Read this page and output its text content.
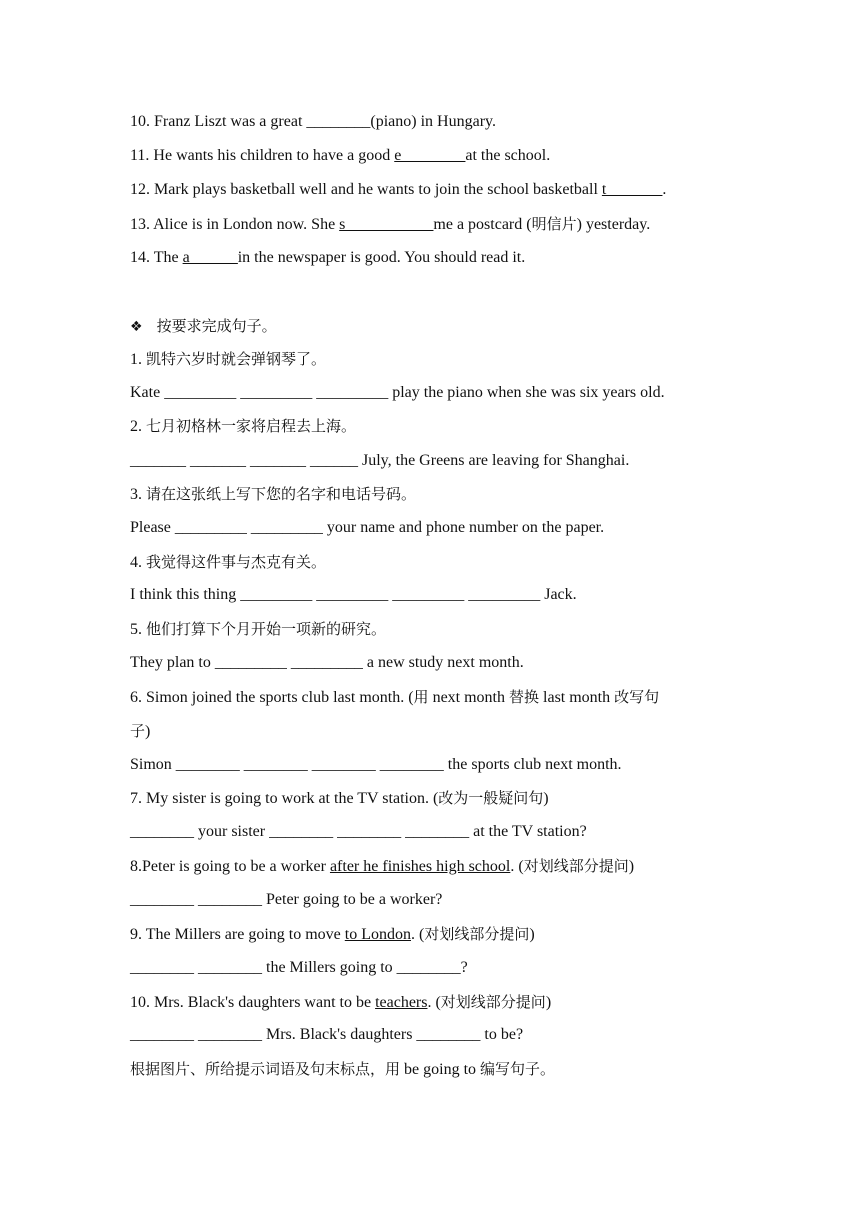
10. Franz Liszt was a great ________(piano) in Hungary.
11. He wants his children to have a good e________at the school.
12. Mark plays basketball well and he wants to join the school basketball t_______.
13. Alice is in London now. She s___________me a postcard (明信片) yesterday.
14. The a______in the newspaper is good. You should read it.
❖ 按要求完成句子。
1. 凯特六岁时就会弹钢琴了。
Kate _________ _________ _________ play the piano when she was six years old.
2. 七月初格林一家将启程去上海。
_______ _______ _______ ______ July, the Greens are leaving for Shanghai.
3. 请在这张纸上写下您的名字和电话号码。
Please _________ _________ your name and phone number on the paper.
4. 我觉得这件事与杰克有关。
I think this thing _________ _________ _________ _________ Jack.
5. 他们打算下个月开始一项新的研究。
They plan to _________ _________ a new study next month.
6. Simon joined the sports club last month. (用 next month 替换 last month 改写句
子)
Simon ________ ________ ________ ________ the sports club next month.
7. My sister is going to work at the TV station. (改为一般疑问句)
________ your sister ________ ________ ________ at the TV station?
8.Peter is going to be a worker after he finishes high school. (对划线部分提问)
________ ________ Peter going to be a worker?
9. The Millers are going to move to London. (对划线部分提问)
________ ________ the Millers going to ________?
10. Mrs. Black's daughters want to be teachers. (对划线部分提问)
________ ________ Mrs. Black's daughters ________ to be?
根据图片、所给提示词语及句末标点，用 be going to 编写句子。
